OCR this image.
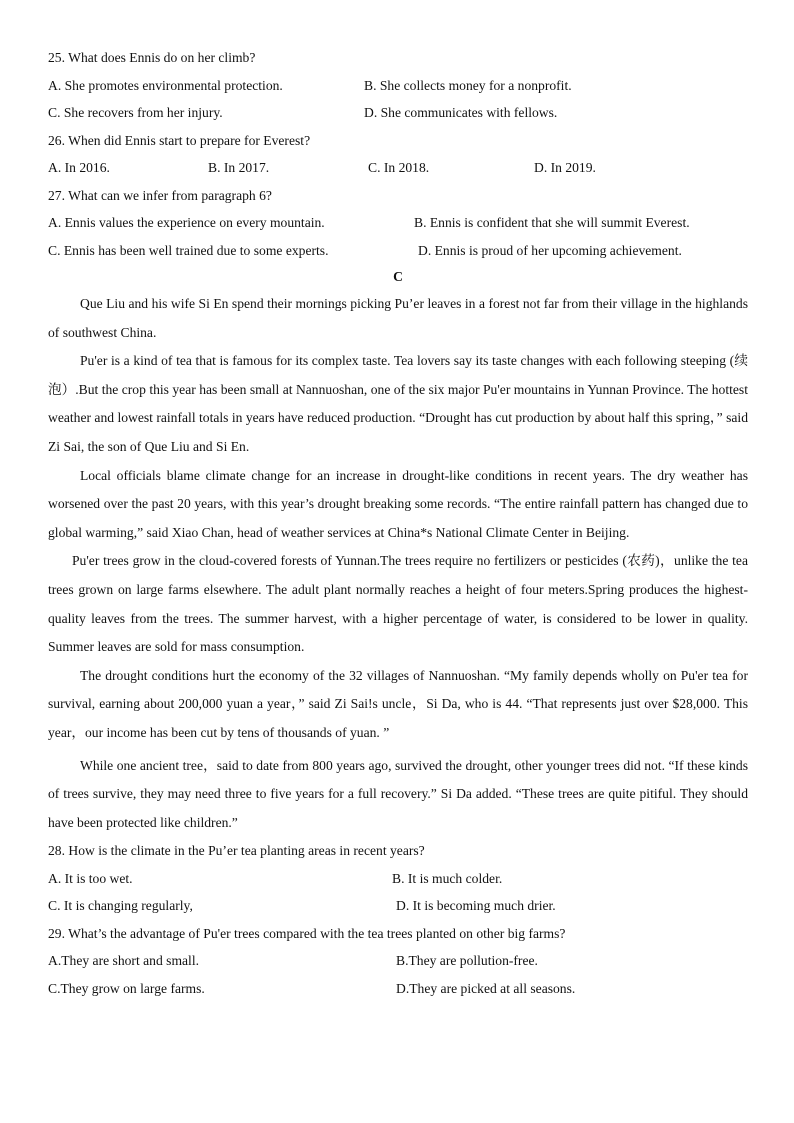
25. What does Ennis do on her climb?
A. She promotes environmental protection.	B. She collects money for a nonprofit.
C. She recovers from her injury.	D. She communicates with fellows.
26. When did Ennis start to prepare for Everest?
A. In 2016.	B. In 2017.	C. In 2018.	D. In 2019.
27. What can we infer from paragraph 6?
A. Ennis values the experience on every mountain.	B. Ennis is confident that she will summit Everest.
C. Ennis has been well trained due to some experts.	D. Ennis is proud of her upcoming achievement.
C

Que Liu and his wife Si En spend their mornings picking Pu’er leaves in a forest not far from their village in the highlands of southwest China.

Pu'er is a kind of tea that is famous for its complex taste. Tea lovers say its taste changes with each following steeping (续泡）.But the crop this year has been small at Nannuoshan, one of the six major Pu'er mountains in Yunnan Province. The hottest weather and lowest rainfall totals in years have reduced production. “Drought has cut production by about half this spring，” said Zi Sai, the son of Que Liu and Si En.

Local officials blame climate change for an increase in drought-like conditions in recent years. The dry weather has worsened over the past 20 years, with this year’s drought breaking some records. “The entire rainfall pattern has changed due to global warming,” said Xiao Chan, head of weather services at China*s National Climate Center in Beijing.

Pu'er trees grow in the cloud-covered forests of Yunnan.The trees require no fertilizers or pesticides (农药)，unlike the tea trees grown on large farms elsewhere. The adult plant normally reaches a height of four meters.Spring produces the highest-quality leaves from the trees. The summer harvest, with a higher percentage of water, is considered to be lower in quality. Summer leaves are sold for mass consumption.

The drought conditions hurt the economy of the 32 villages of Nannuoshan. “My family depends wholly on Pu'er tea for survival, earning about 200,000 yuan a year，” said Zi Sai!s uncle，Si Da, who is 44. “That represents just over $28,000. This year，our income has been cut by tens of thousands of yuan. ”

While one ancient tree，said to date from 800 years ago, survived the drought, other younger trees did not. “If these kinds of trees survive, they may need three to five years for a full recovery.” Si Da added. “These trees are quite pitiful. They should have been protected like children.”

28. How is the climate in the Pu’er tea planting areas in recent years?
A. It is too wet.	B. It is much colder.
C. It is changing regularly,	D. It is becoming much drier.
29. What’s the advantage of Pu'er trees compared with the tea trees planted on other big farms?
A.They are short and small.	B.They are pollution-free.
C.They grow on large farms.	D.They are picked at all seasons.
